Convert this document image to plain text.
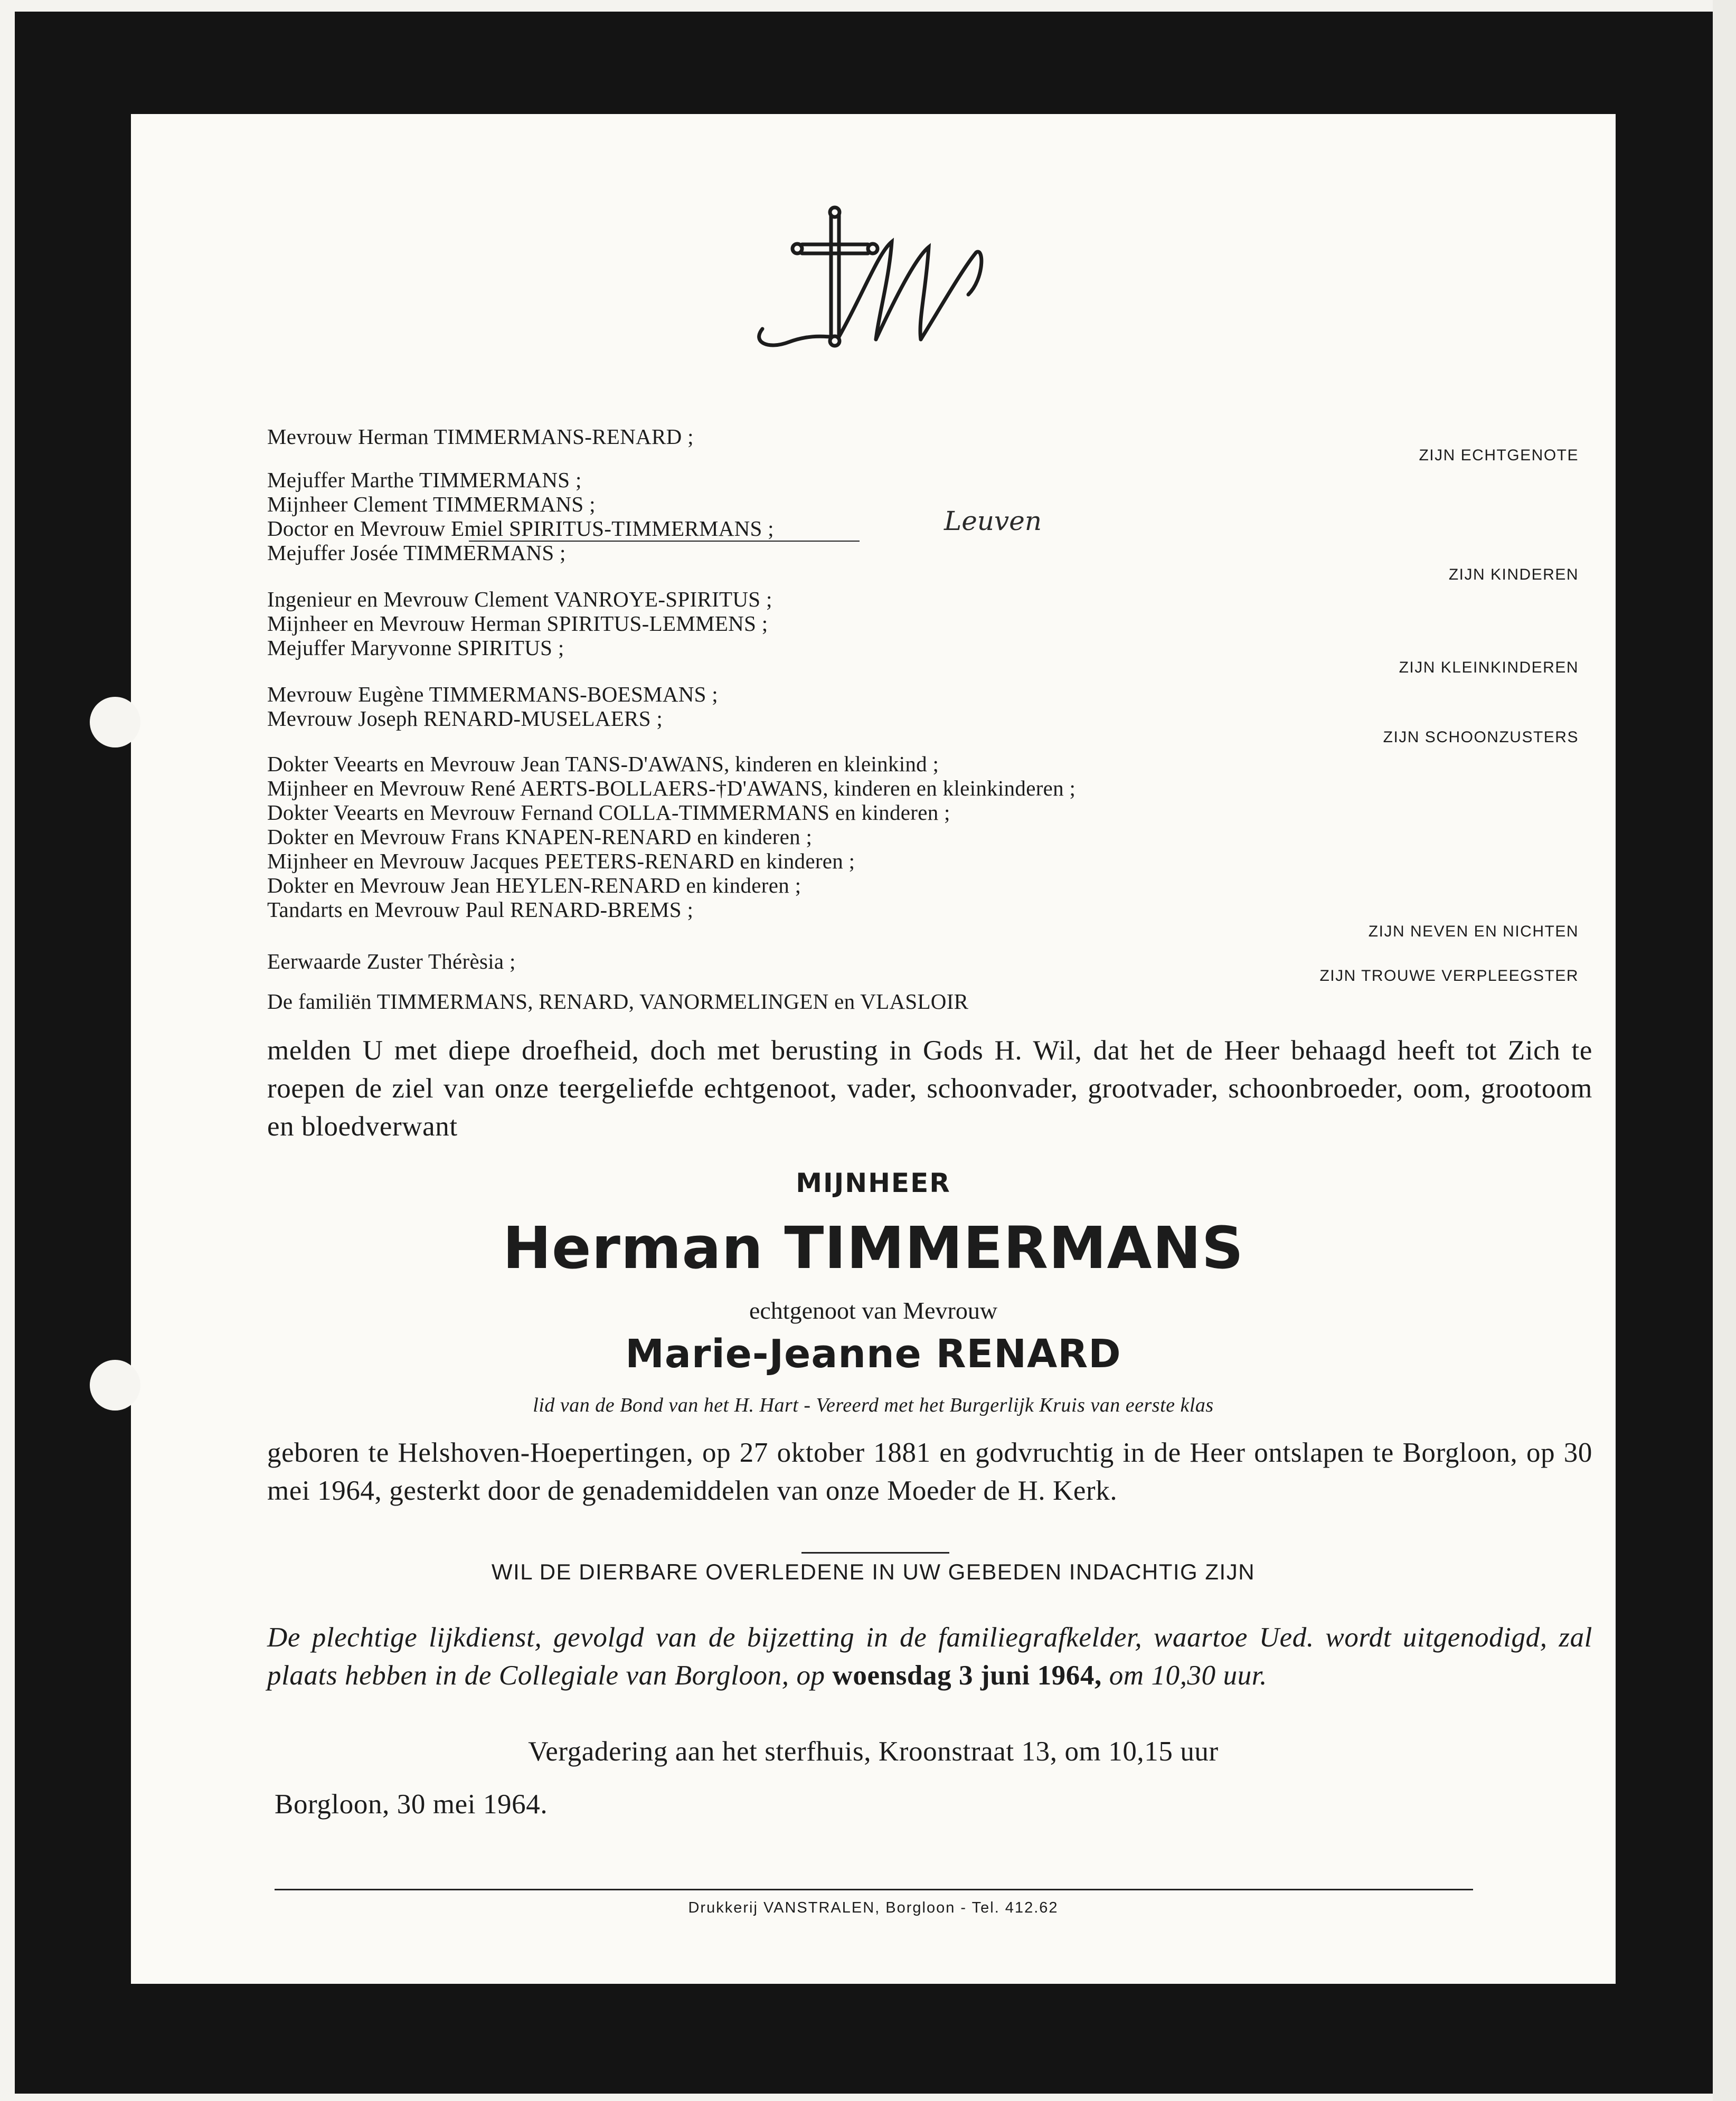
Mevrouw Herman TIMMERMANS-RENARD ;
Mejuffer Marthe TIMMERMANS ;
Mijnheer Clement TIMMERMANS ;
Doctor en Mevrouw Emiel SPIRITUS-TIMMERMANS ;	Leuven
Mejuffer Josée TIMMERMANS ;
Ingenieur en Mevrouw Clement VANROYE-SPIRITUS ;
Mijnheer en Mevrouw Herman SPIRITUS-LEMMENS ;
Mejuffer Maryvonne SPIRITUS ;
Mevrouw Eugène TIMMERMANS-BOESMANS ;
Mevrouw Joseph RENARD-MUSELAERS ;
Dokter Veearts en Mevrouw Jean TANS-D'AWANS, kinderen en kleinkind ;
Mijnheer en Mevrouw René AERTS-BOLLAERS-†D'AWANS, kinderen en kleinkinderen ;
Dokter Veearts en Mevrouw Fernand COLLA-TIMMERMANS en kinderen ;
Dokter en Mevrouw Frans KNAPEN-RENARD en kinderen ;
Mijnheer en Mevrouw Jacques PEETERS-RENARD en kinderen ;
Dokter en Mevrouw Jean HEYLEN-RENARD en kinderen ;
Tandarts en Mevrouw Paul RENARD-BREMS ;
Eerwaarde Zuster Thérèsia ;
De familiën TIMMERMANS, RENARD, VANORMELINGEN en VLASLOIR
ZIJN ECHTGENOTE
ZIJN KINDEREN
ZIJN KLEINKINDEREN
ZIJN SCHOONZUSTERS
ZIJN NEVEN EN NICHTEN
ZIJN TROUWE VERPLEEGSTER
melden U met diepe droefheid, doch met berusting in Gods H. Wil, dat het de Heer behaagd heeft tot Zich te roepen de ziel van onze teergeliefde echtgenoot, vader, schoonvader, grootvader, schoonbroeder, oom, grootoom en bloedverwant
MIJNHEER
Herman TIMMERMANS
echtgenoot van Mevrouw
Marie-Jeanne RENARD
lid van de Bond van het H. Hart - Vereerd met het Burgerlijk Kruis van eerste klas
geboren te Helshoven-Hoepertingen, op 27 oktober 1881 en godvruchtig in de Heer ontslapen te Borgloon, op 30 mei 1964, gesterkt door de genademiddelen van onze Moeder de H. Kerk.
WIL DE DIERBARE OVERLEDENE IN UW GEBEDEN INDACHTIG ZIJN
De plechtige lijkdienst, gevolgd van de bijzetting in de familiegrafkelder, waartoe Ued. wordt uitgenodigd, zal plaats hebben in de Collegiale van Borgloon, op woensdag 3 juni 1964, om 10,30 uur.
Vergadering aan het sterfhuis, Kroonstraat 13, om 10,15 uur
Borgloon, 30 mei 1964.
Drukkerij VANSTRALEN, Borgloon - Tel. 412.62
